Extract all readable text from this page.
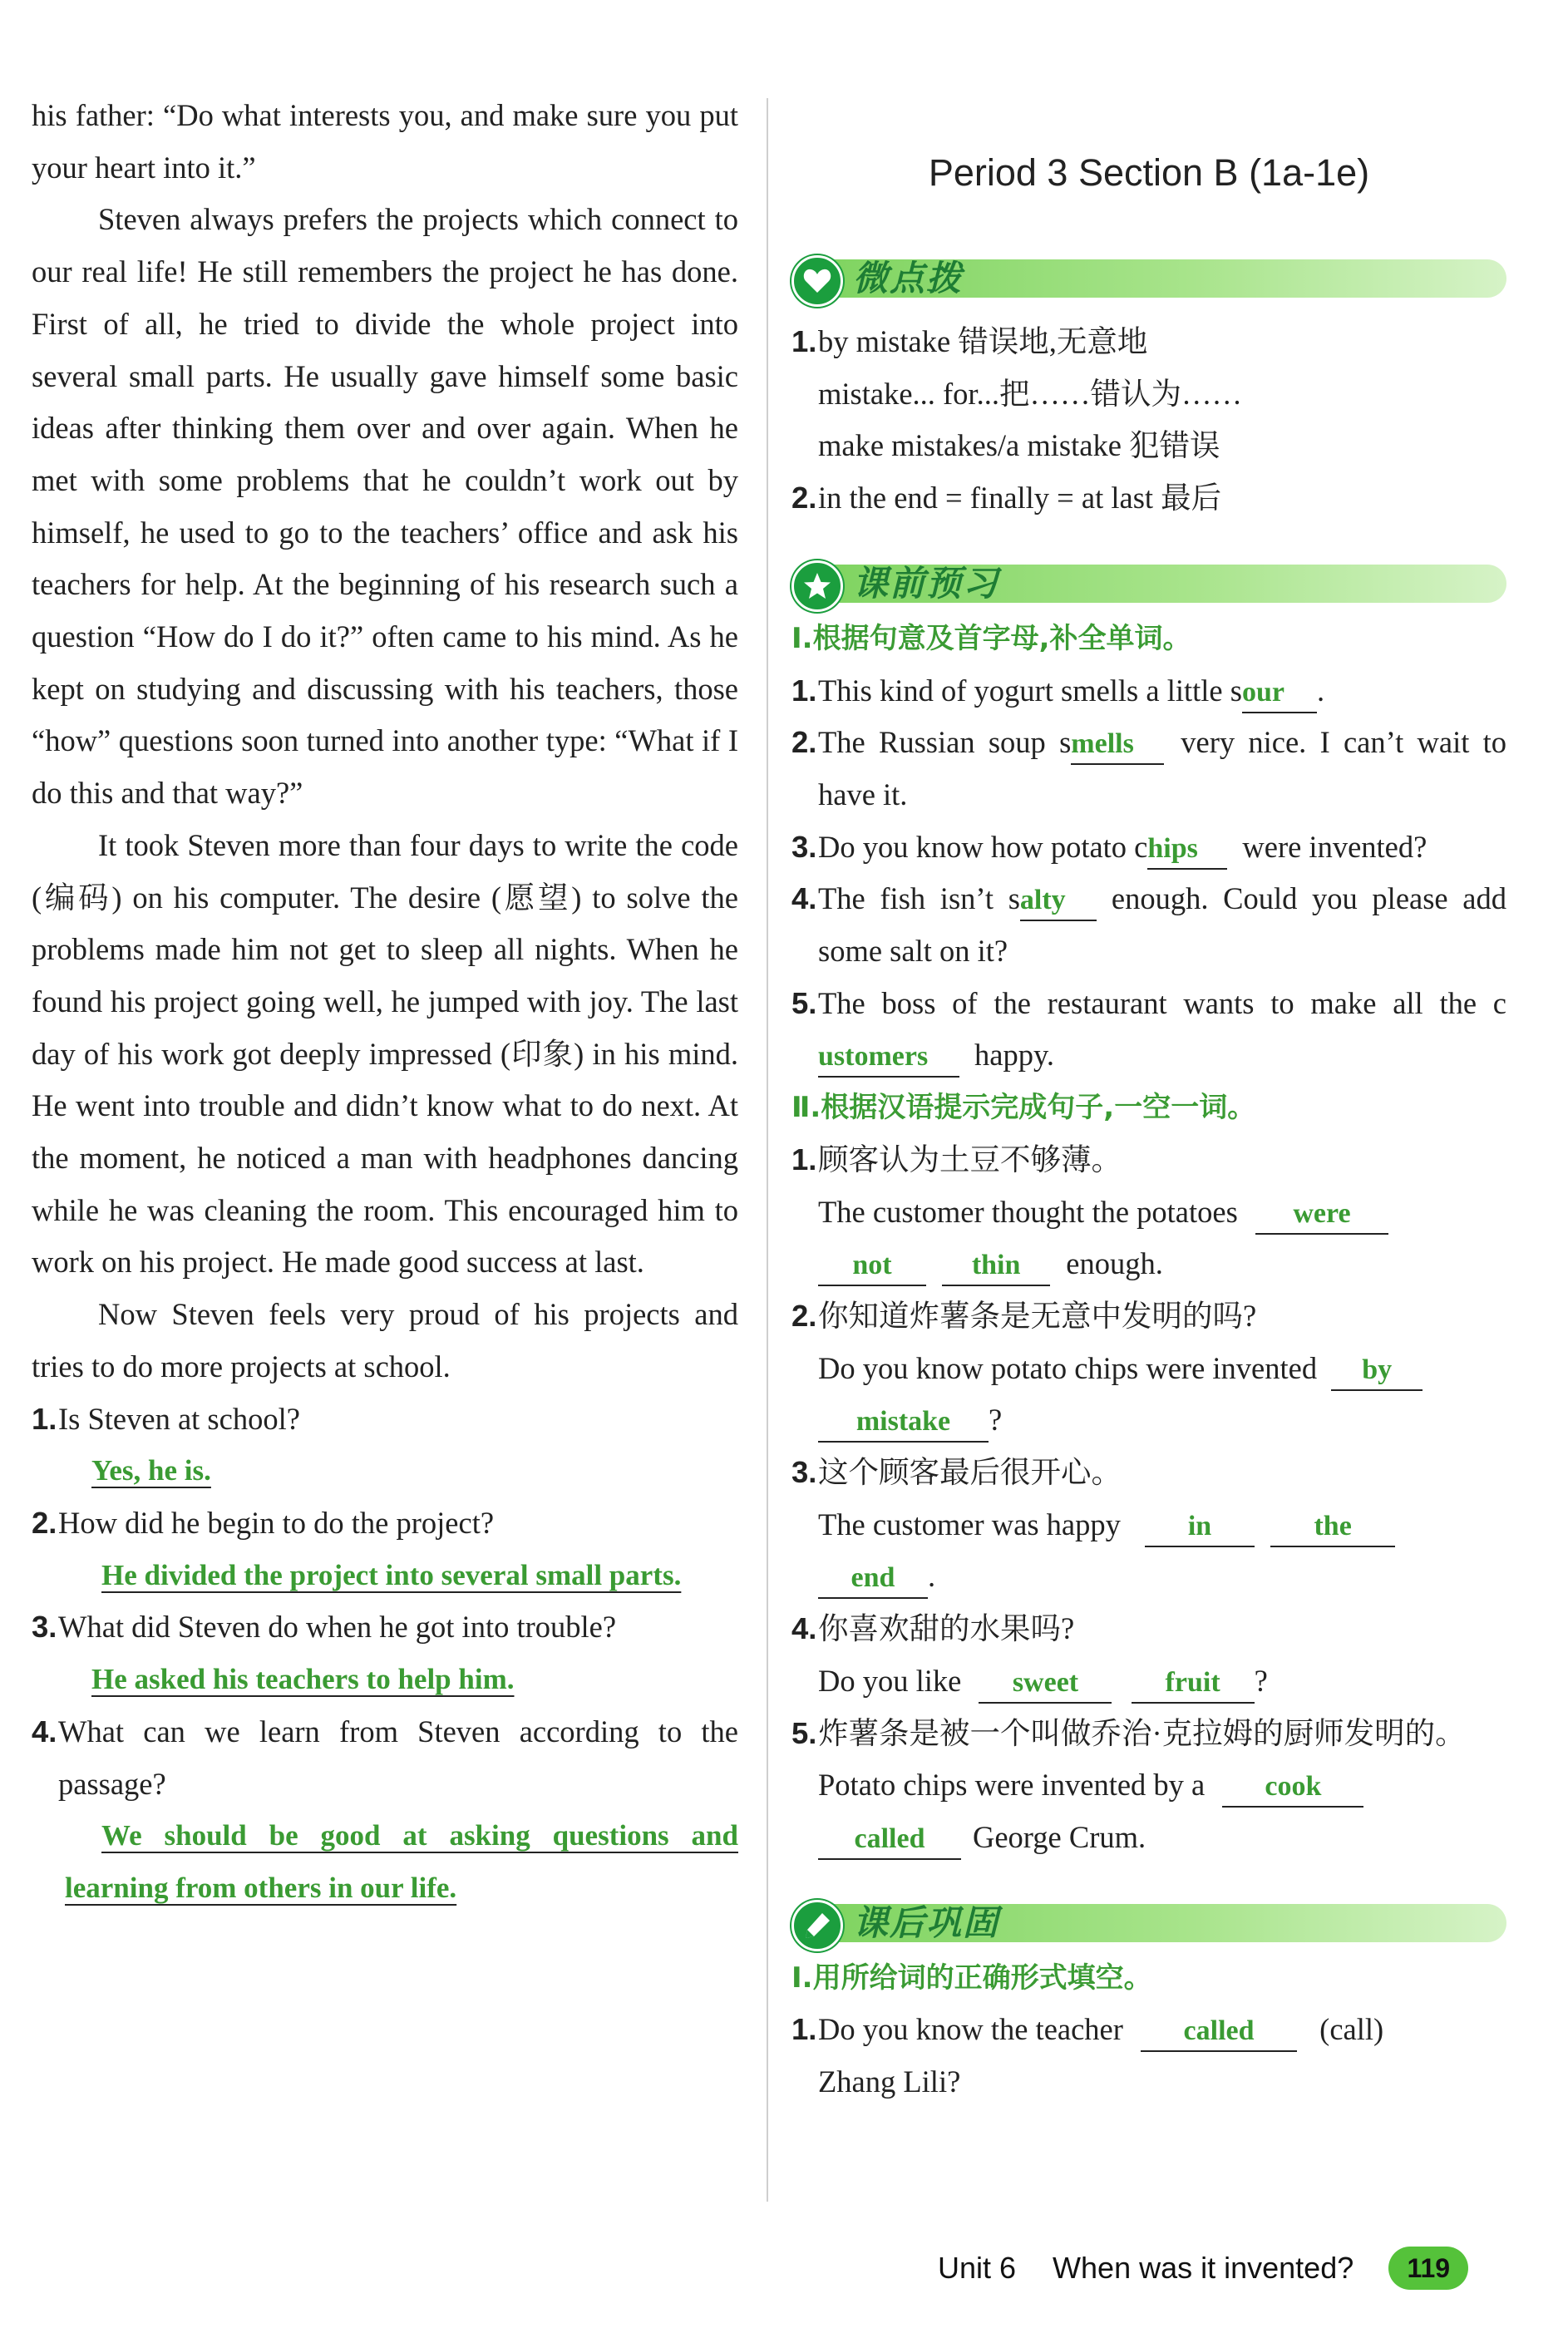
his father: “Do what interests you, and make sure you put your heart into it.”

Steven always prefers the projects which connect to our real life! He still remembers the project he has done. First of all, he tried to divide the whole project into several small parts. He usually gave himself some basic ideas after thinking them over and over again. When he met with some problems that he couldn’t work out by himself, he used to go to the teachers’ office and ask his teachers for help. At the beginning of his research such a question “How do I do it?” often came to his mind. As he kept on studying and discussing with his teachers, those “how” questions soon turned into another type: “What if I do this and that way?”

It took Steven more than four days to write the code (编码) on his computer. The desire (愿望) to solve the problems made him not get to sleep all nights. When he found his project going well, he jumped with joy. The last day of his work got deeply impressed (印象) in his mind. He went into trouble and didn’t know what to do next. At the moment, he noticed a man with headphones dancing while he was cleaning the room. This encouraged him to work on his project. He made good success at last.

Now Steven feels very proud of his projects and tries to do more projects at school.

1. Is Steven at school?
Yes, he is.
2. How did he begin to do the project?
He divided the project into several small parts.
3. What did Steven do when he got into trouble?
He asked his teachers to help him.
4. What can we learn from Steven according to the passage?
We should be good at asking questions and learning from others in our life.
Period 3 Section B (1a-1e)
微点拨
1. by mistake 错误地,无意地

mistake... for...把……错认为……

make mistakes/a mistake 犯错误

2. in the end = finally = at last 最后
课前预习

Ⅰ.根据句意及首字母,补全单词。

1. This kind of yogurt smells a little sour .
2. The Russian soup smells very nice. I can’t wait to have it.
3. Do you know how potato chips were invented?
4. The fish isn’t salty enough. Could you please add some salt on it?
5. The boss of the restaurant wants to make all the customers happy.

Ⅱ.根据汉语提示完成句子,一空一词。

1. 顾客认为土豆不够薄。
The customer thought the potatoes were
not	thin enough.
2. 你知道炸薯条是无意中发明的吗?
Do you know potato chips were invented by
mistake ?
3. 这个顾客最后很开心。
The customer was happy in	the
end .
4. 你喜欢甜的水果吗?
Do you like sweet	fruit ?
5. 炸薯条是被一个叫做乔治·克拉姆的厨师发明的。
Potato chips were invented by a cook
called George Crum.
课后巩固

Ⅰ.用所给词的正确形式填空。

1. Do you know the teacher called (call)
Zhang Lili?
Unit 6 When was it invented?	119
